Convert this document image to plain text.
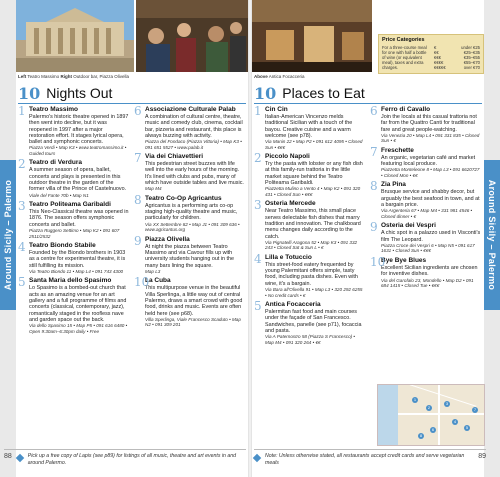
Around Sicily – Palermo
Left Teatro Massimo Right Outdoor bar, Piazza Olivella
10 Nights Out
1 Teatro Massimo
Palermo's historic theatre opened in 1897 then went into decline, but it was reopened in 1997 after a major restoration effort. It stages lyrical opera, ballet and symphonic concerts.
Piazza Verdi • Map K3 • www.teatromassimo.it • Guided tours
2 Teatro di Verdura
A summer season of opera, ballet, concerts and plays is presented in this outdoor theatre in the garden of the former villa of the Prince of Castelnuovo.
Viale del Fante 70b • Map N1
3 Teatro Politeama Garibaldi
This Neo-Classical theatre was opened in 1876. The season offers symphonic concerts and ballet.
Piazza Ruggero Settimo • Map K2 • 091 607 2511/2532
4 Teatro Biondo Stabile
Founded by the Biondo brothers in 1903 as a centre for experimental theatre, it is still fulfilling its mission.
Via Teatro Biondo 11 • Map L4 • 091 743 4300
5 Santa Maria dello Spasimo
Lo Spasimo is a bombed-out church that acts as an amazing venue for an art gallery and a full programme of films and concerts (classical, contemporary, jazz), romantically staged in the roofless nave and garden space out the back.
Via dello Spasimo 15 • Map P5 • 091 616 6480 • Open 9:30am–6:30pm daily • Free
6 Associazione Culturale Palab
A combination of cultural centre, theatre, music and comedy club, cinema, cocktail bar, pizzeria and restaurant, this place is always buzzing with activity.
Piazza del Fondaco (Piazza Vittoria) • Map K3 • 091 651 5527 • www.palab.it
7 Via dei Chiavettieri
This pedestrian street buzzes with life well into the early hours of the morning. It's lined with clubs and pubs, many of which have outside tables and live music.
Map M4
8 Teatro Co-Op Agricantus
Agricantus is a performing arts co-op staging high-quality theatre and music, particularly for children.
Via XX Settembre 82 • Map J1 • 091 309 636 • www.agricantus.org
9 Piazza Olivella
At night the piazza between Teatro Massimo and via Cavour fills up with university students hanging out in the many bars lining the square.
Map L3
10
La Cuba
This multipurpose venue in the beautiful Villa Sperlinga, a little way out of central Palermo, draws a smart crowd with good food, drinks and music. Events are often held here (see p68).
Villa Sperlinga, Viale Francesco Scaduto • Map N2 • 091 309 201
88	Pick up a free copy of Lapis (see p89) for listings of all music, theatre and art events in and around Palermo.
Around Sicily – Palermo
Price Categories
For a three-course meal for one with half a bottle of wine (or equivalent meal), taxes and extra charges.
€	under €25
€€	€25–€35
€€€	€35–€55
€€€€	€55–€70
€€€€€	over €70
Above Antica Focacceria
10 Places to Eat
1 Cin Cin
Italian-American Vincenzo melds traditional Sicilian with a touch of the bayou. Creative cuisine and a warm welcome (see p78).
Via Manin 22 • Map P2 • 091 612 4095 • Closed Sun • €€€
2 Piccolo Napoli
Try the pasta with lobster or any fish dish at this family-run trattoria in the little market square behind the Teatro Politeama Garibaldi.
Piazzetta Mulino a Vento 4 • Map K2 • 091 320 431 • Closed Sun • €€€
3 Osteria Mercede
Near Teatro Massimo, this small place serves delectable fish dishes that marry tradition and innovation. The chalkboard menu changes daily according to the catch.
Via Pignatelli Aragona 52 • Map K3 • 091 332 243 • Closed Sat & Sun L • €
4 Lilla e Totuccio
This street-food eatery frequented by young Palermitani offers simple, tasty food, including pasta dishes. Even with wine, it's a bargain.
Via Bara all'Olivella 91 • Map L3 • 320 292 6255 • No credit cards • €
5 Antica Focacceria
Palermitan fast food and main courses under the façade of San Francesco. Sandwiches, panelle (see p71), focaccia and pasta.
Via A Paternostro 58 (Piazza S Francesco) • Map M4 • 091 320 264 • €€
6 Ferro di Cavallo
Join the locals at this casual trattoria not far from the Quattro Canti for traditional fare and great people-watching.
Via Venezia 20 • Map L4 • 091 331 835 • Closed Sun • €
7 Freschette
An organic, vegetarian café and market featuring local produce.
Piazzetta Monteleone 8 • Map L3 • 091 6620727 • Closed Mon • €€
8 Zia Pina
Brusque service and shabby decor, but arguably the best seafood in town, and at a bargain price.
Via Argenteria 67 • Map M4 • 331 981 4546 • Closed dinner • €
9 Osteria dei Vespri
A chic spot in a palazzo used in Visconti's film The Leopard.
Piazza Croce dei Vespri 6 • Map N5 • 091 617 1631 • Closed Sun • €€€
10
Bye Bye Blues
Excellent Sicilian ingredients are chosen for inventive dishes.
Via del Garofalo 23, Mondello • Map D2 • 091 684 1415 • Closed Tue • €€€
1
2
3
4
5
6
7
8
Note: Unless otherwise stated, all restaurants accept credit cards and serve vegetarian meals
89
